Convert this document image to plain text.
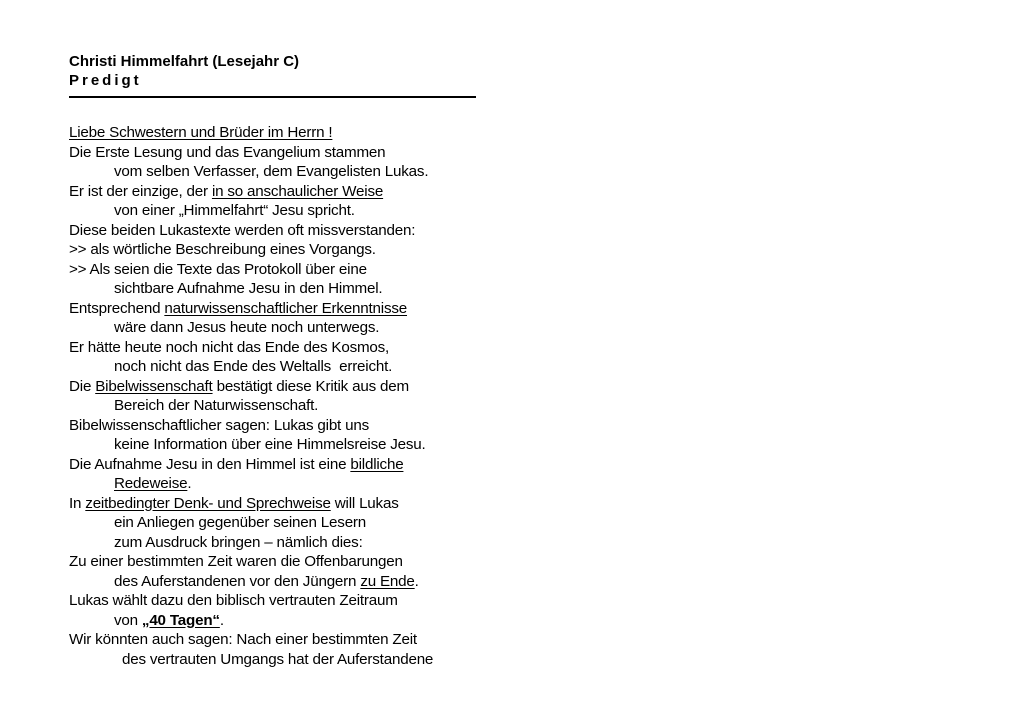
Christi Himmelfahrt (Lesejahr C)
Predigt
Liebe Schwestern und Brüder im Herrn !
Die Erste Lesung und das Evangelium stammen
vom selben Verfasser, dem Evangelisten Lukas.
Er ist der einzige, der in so anschaulicher Weise
von einer „Himmelfahrt“ Jesu spricht.
Diese beiden Lukastexte werden oft missverstanden:
>> als wörtliche Beschreibung eines Vorgangs.
>> Als seien die Texte das Protokoll über eine
sichtbare Aufnahme Jesu in den Himmel.
Entsprechend naturwissenschaftlicher Erkenntnisse
wäre dann Jesus heute noch unterwegs.
Er hätte heute noch nicht das Ende des Kosmos,
noch nicht das Ende des Weltalls  erreicht.
Die Bibelwissenschaft bestätigt diese Kritik aus dem
Bereich der Naturwissenschaft.
Bibelwissenschaftlicher sagen: Lukas gibt uns
keine Information über eine Himmelsreise Jesu.
Die Aufnahme Jesu in den Himmel ist eine bildliche
Redeweise.
In zeitbedingter Denk- und Sprechweise will Lukas
ein Anliegen gegenüber seinen Lesern
zum Ausdruck bringen – nämlich dies:
Zu einer bestimmten Zeit waren die Offenbarungen
des Auferstandenen vor den Jüngern zu Ende.
Lukas wählt dazu den biblisch vertrauten Zeitraum
von „40 Tagen“.
Wir könnten auch sagen: Nach einer bestimmten Zeit
des vertrauten Umgangs hat der Auferstandene
